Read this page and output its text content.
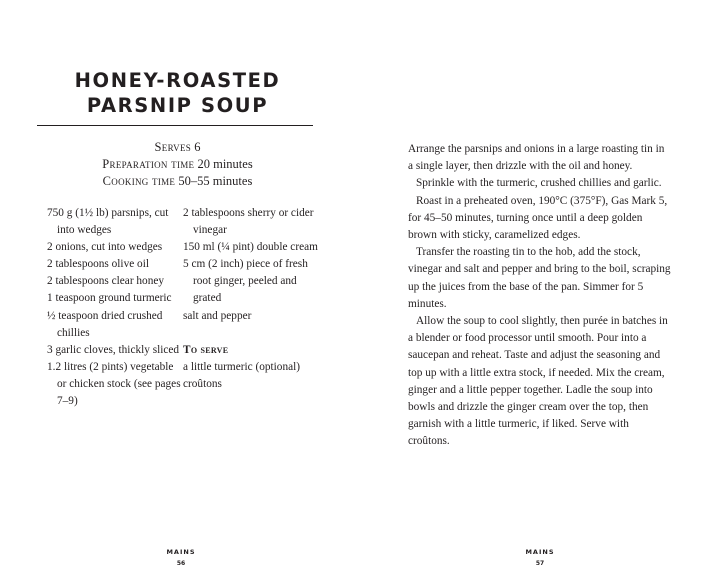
HONEY-ROASTED
PARSNIP SOUP
Serves 6
Preparation time 20 minutes
Cooking time 50–55 minutes
750 g (1½ lb) parsnips, cut into wedges
2 onions, cut into wedges
2 tablespoons olive oil
2 tablespoons clear honey
1 teaspoon ground turmeric
½ teaspoon dried crushed chillies
3 garlic cloves, thickly sliced
1.2 litres (2 pints) vegetable or chicken stock (see pages 7–9)
2 tablespoons sherry or cider vinegar
150 ml (¼ pint) double cream
5 cm (2 inch) piece of fresh root ginger, peeled and grated
salt and pepper
To serve
a little turmeric (optional)
croûtons
MAINS
56

Arrange the parsnips and onions in a large roasting tin in a single layer, then drizzle with the oil and honey.

Sprinkle with the turmeric, crushed chillies and garlic.

Roast in a preheated oven, 190°C (375°F), Gas Mark 5, for 45–50 minutes, turning once until a deep golden brown with sticky, caramelized edges.

Transfer the roasting tin to the hob, add the stock, vinegar and salt and pepper and bring to the boil, scraping up the juices from the base of the pan. Simmer for 5 minutes.

Allow the soup to cool slightly, then purée in batches in a blender or food processor until smooth. Pour into a saucepan and reheat. Taste and adjust the seasoning and top up with a little extra stock, if needed. Mix the cream, ginger and a little pepper together. Ladle the soup into bowls and drizzle the ginger cream over the top, then garnish with a little turmeric, if liked. Serve with croûtons.

MAINS
57
